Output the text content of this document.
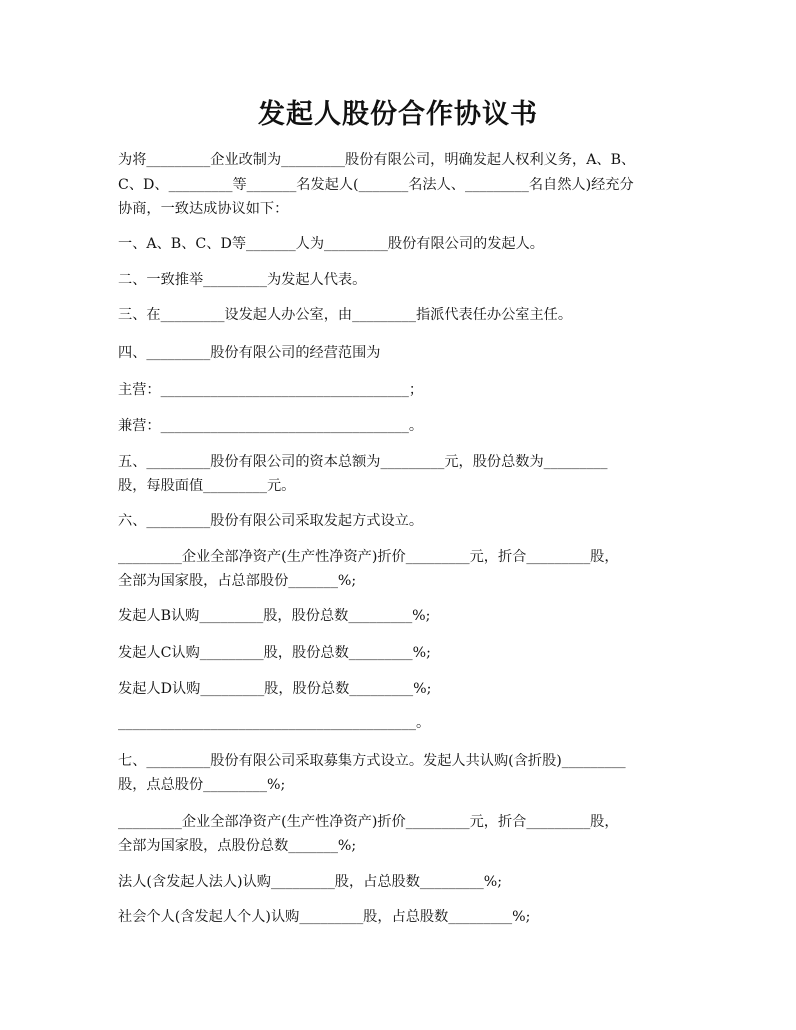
发起人股份合作协议书
为将_________企业改制为_________股份有限公司，明确发起人权利义务，A、B、
C、D、_________等_______名发起人(_______名法人、_________名自然人)经充分
协商，一致达成协议如下：
一、A、B、C、D等_______人为_________股份有限公司的发起人。
二、一致推举_________为发起人代表。
三、在_________设发起人办公室，由_________指派代表任办公室主任。
四、_________股份有限公司的经营范围为
主营：___________________________________；
兼营：___________________________________。
五、_________股份有限公司的资本总额为_________元，股份总数为_________
股，每股面值_________元。
六、_________股份有限公司采取发起方式设立。
_________企业全部净资产(生产性净资产)折价_________元，折合_________股，
全部为国家股，占总部股份_______%;
发起人B认购_________股，股份总数_________%;
发起人C认购_________股，股份总数_________%;
发起人D认购_________股，股份总数_________%;
__________________________________________。
七、_________股份有限公司采取募集方式设立。发起人共认购(含折股)_________
股，点总股份_________%;
_________企业全部净资产(生产性净资产)折价_________元，折合_________股，
全部为国家股，点股份总数_______%;
法人(含发起人法人)认购_________股，占总股数_________%;
社会个人(含发起人个人)认购_________股，占总股数_________%;
